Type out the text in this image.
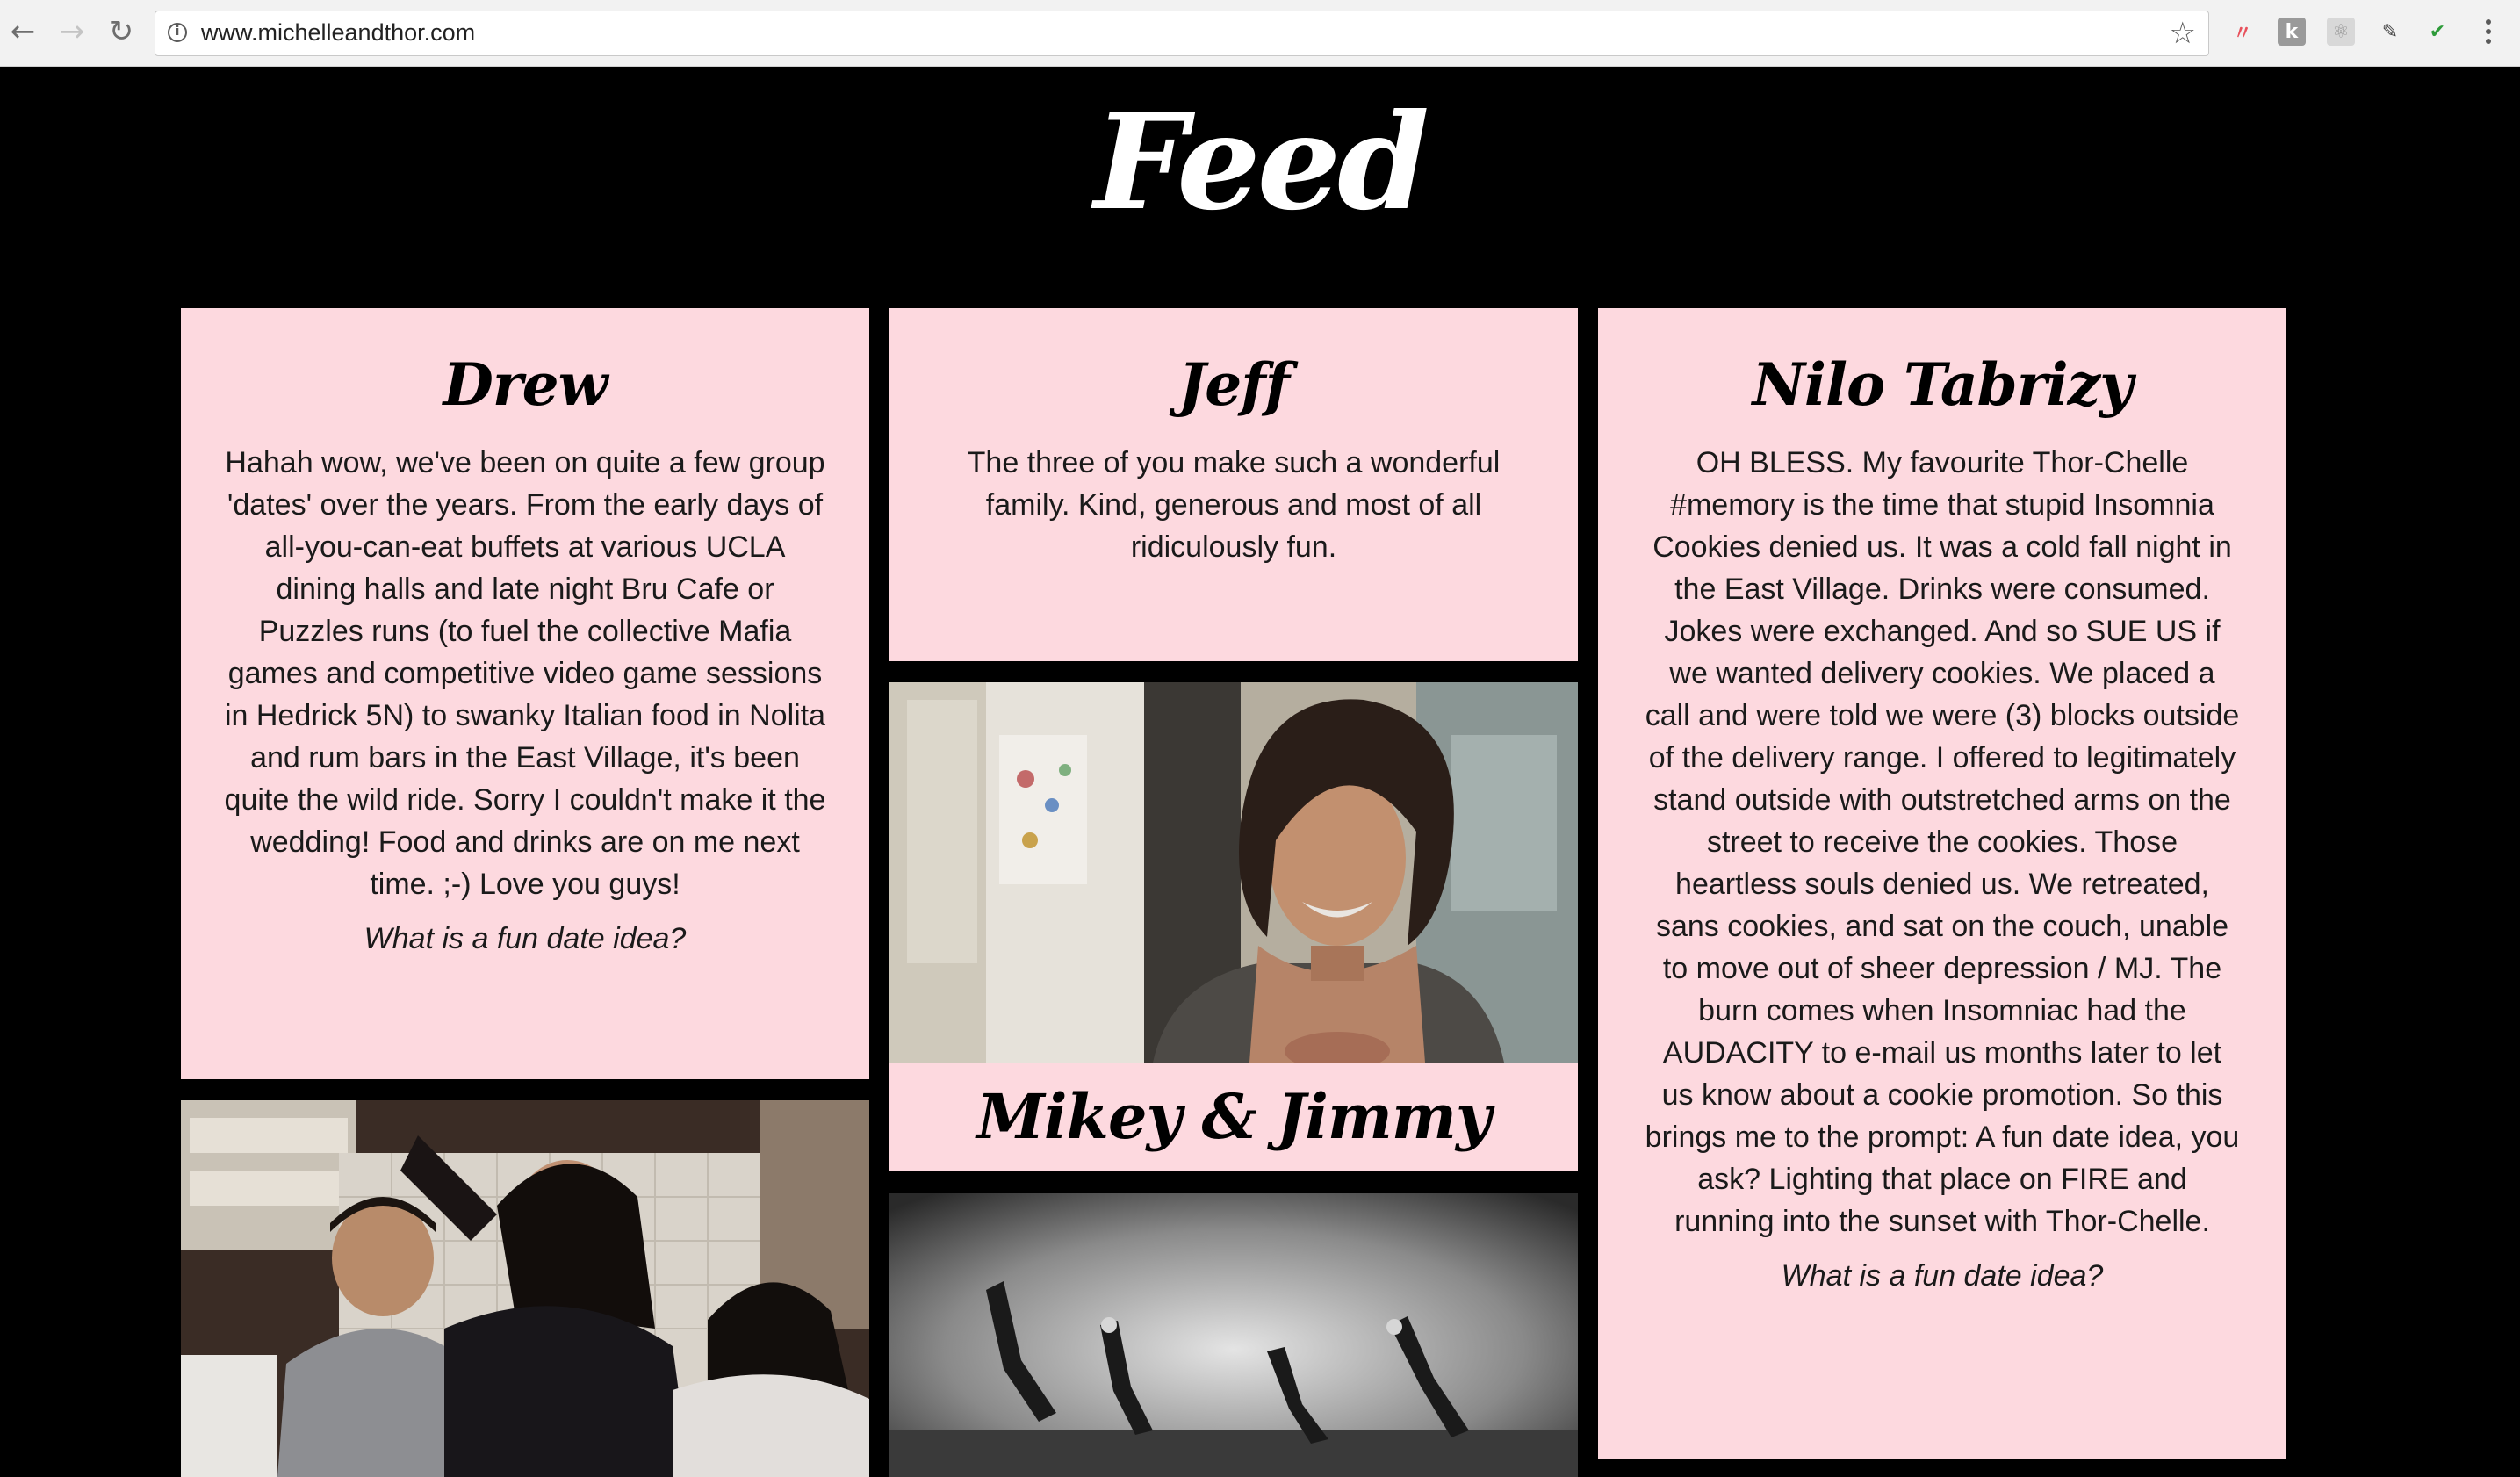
← → ↻	i www.michelleandthor.com	☆ 〃	k	⚛	✎	✔
Feed
Drew

Hahah wow, we've been on quite a few group 'dates' over the years. From the early days of all-you-can-eat buffets at various UCLA dining halls and late night Bru Cafe or Puzzles runs (to fuel the collective Mafia games and competitive video game sessions in Hedrick 5N) to swanky Italian food in Nolita and rum bars in the East Village, it's been quite the wild ride. Sorry I couldn't make it the wedding! Food and drinks are on me next time. ;-) Love you guys!

What is a fun date idea?

Jeff

The three of you make such a wonderful family. Kind, generous and most of all ridiculously fun.

Mikey & Jimmy
Nilo Tabrizy

OH BLESS. My favourite Thor-Chelle #memory is the time that stupid Insomnia Cookies denied us. It was a cold fall night in the East Village. Drinks were consumed. Jokes were exchanged. And so SUE US if we wanted delivery cookies. We placed a call and were told we were (3) blocks outside of the delivery range. I offered to legitimately stand outside with outstretched arms on the street to receive the cookies. Those heartless souls denied us. We retreated, sans cookies, and sat on the couch, unable to move out of sheer depression / MJ. The burn comes when Insomniac had the AUDACITY to e-mail us months later to let us know about a cookie promotion. So this brings me to the prompt: A fun date idea, you ask? Lighting that place on FIRE and running into the sunset with Thor-Chelle.

What is a fun date idea?
